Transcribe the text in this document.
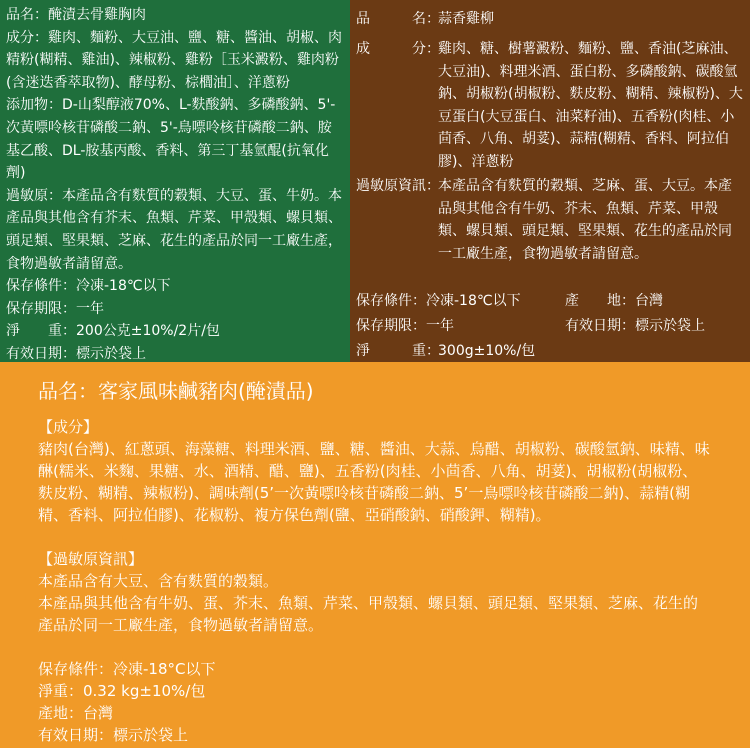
品名：醃漬去骨雞胸肉

成分：雞肉、麵粉、大豆油、鹽、糖、醬油、胡椒、肉精粉(糊精、雞油)、辣椒粉、雞粉［玉米澱粉、雞肉粉(含迷迭香萃取物)、酵母粉、棕櫚油］、洋蔥粉

添加物：D-山梨醇液70%、L-麩酸鈉、多磷酸鈉、5'-次黃嘌呤核苷磷酸二鈉、5'-鳥嘌呤核苷磷酸二鈉、胺基乙酸、DL-胺基丙酸、香料、第三丁基氫醌(抗氧化劑)

過敏原：本產品含有麩質的穀類、大豆、蛋、牛奶。本產品與其他含有芥末、魚類、芹菜、甲殼類、螺貝類、頭足類、堅果類、芝麻、花生的產品於同一工廠生產，食物過敏者請留意。

保存條件：冷凍-18℃以下

保存期限：一年

淨　　重：200公克±10%/2片/包

有效日期：標示於袋上

品　　　名：
蒜香雞柳
成　　　分：
雞肉、糖、樹薯澱粉、麵粉、鹽、香油(芝麻油、大豆油)、料理米酒、蛋白粉、多磷酸鈉、碳酸氫鈉、胡椒粉(胡椒粉、麩皮粉、糊精、辣椒粉)、大豆蛋白(大豆蛋白、油菜籽油)、五香粉(肉桂、小茴香、八角、胡荽)、蒜精(糊精、香料、阿拉伯膠)、洋蔥粉
過敏原資訊：
本產品含有麩質的穀類、芝麻、蛋、大豆。本產品與其他含有牛奶、芥末、魚類、芹菜、甲殼類、螺貝類、頭足類、堅果類、花生的產品於同一工廠生產，食物過敏者請留意。
保存條件：冷凍-18℃以下	產　　地：台灣
保存期限：一年	有效日期：標示於袋上
淨　　　重：
300g±10%/包

品名：客家風味鹹豬肉(醃漬品)

【成分】

豬肉(台灣)、紅蔥頭、海藻糖、料理米酒、鹽、糖、醬油、大蒜、烏醋、胡椒粉、碳酸氫鈉、味精、味醂(糯米、米麴、果糖、水、酒精、醋、鹽)、五香粉(肉桂、小茴香、八角、胡荽)、胡椒粉(胡椒粉、麩皮粉、糊精、辣椒粉)、調味劑(5’一次黃嘌呤核苷磷酸二鈉、5’一鳥嘌呤核苷磷酸二鈉)、蒜精(糊精、香料、阿拉伯膠)、花椒粉、複方保色劑(鹽、亞硝酸鈉、硝酸鉀、糊精)。

【過敏原資訊】

本產品含有大豆、含有麩質的穀類。

本產品與其他含有牛奶、蛋、芥末、魚類、芹菜、甲殼類、螺貝類、頭足類、堅果類、芝麻、花生的產品於同一工廠生產，食物過敏者請留意。

保存條件：冷凍-18°C以下

淨重：0.32 kg±10%/包

產地：台灣

有效日期：標示於袋上
